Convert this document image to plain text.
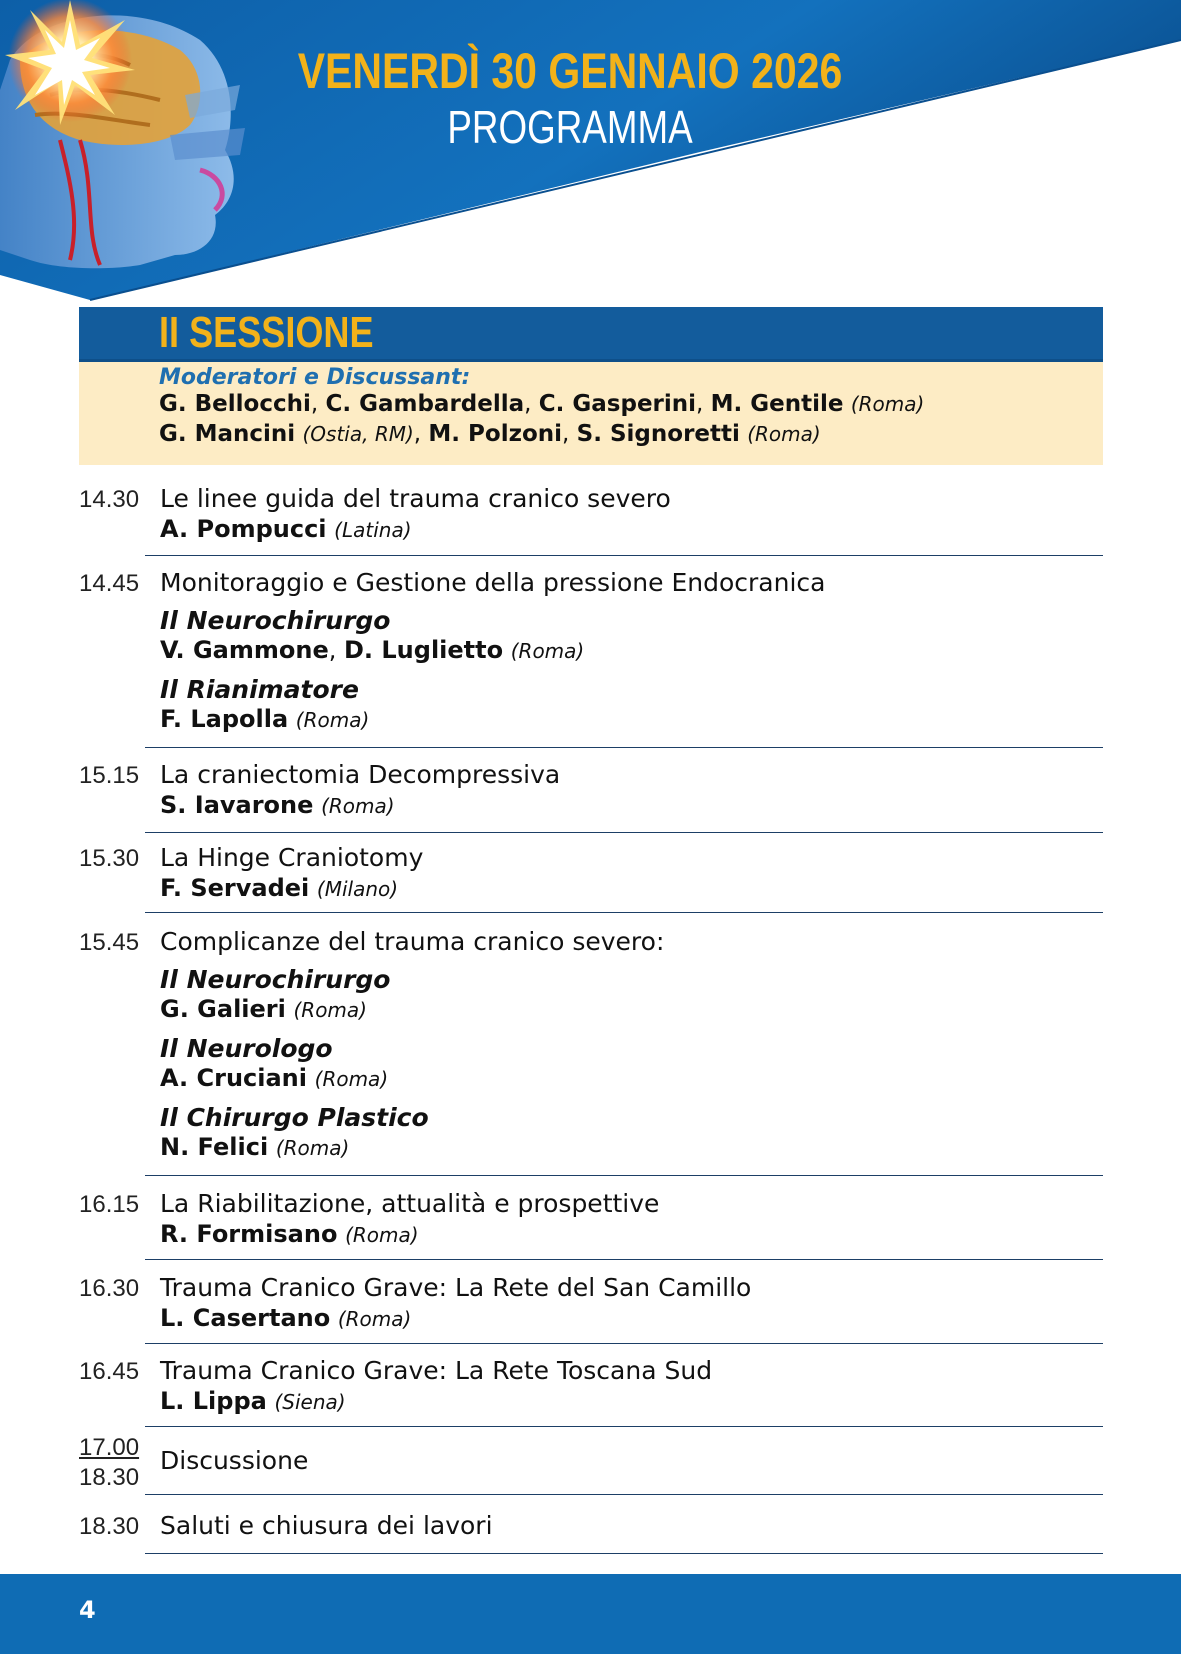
VENERDÌ 30 GENNAIO 2026
PROGRAMMA
II SESSIONE
Moderatori e Discussant:
G. Bellocchi, C. Gambardella, C. Gasperini, M. Gentile (Roma)
G. Mancini (Ostia, RM), M. Polzoni, S. Signoretti (Roma)
14.30 Le linee guida del trauma cranico severo
A. Pompucci (Latina)
14.45 Monitoraggio e Gestione della pressione Endocranica
Il Neurochirurgo
V. Gammone, D. Luglietto (Roma)
Il Rianimatore
F. Lapolla (Roma)
15.15 La craniectomia Decompressiva
S. Iavarone (Roma)
15.30 La Hinge Craniotomy
F. Servadei (Milano)
15.45 Complicanze del trauma cranico severo:
Il Neurochirurgo
G. Galieri (Roma)
Il Neurologo
A. Cruciani (Roma)
Il Chirurgo Plastico
N. Felici (Roma)
16.15 La Riabilitazione, attualità e prospettive
R. Formisano (Roma)
16.30 Trauma Cranico Grave: La Rete del San Camillo
L. Casertano (Roma)
16.45 Trauma Cranico Grave: La Rete Toscana Sud
L. Lippa (Siena)
17.00
18.30
Discussione
18.30 Saluti e chiusura dei lavori
4
